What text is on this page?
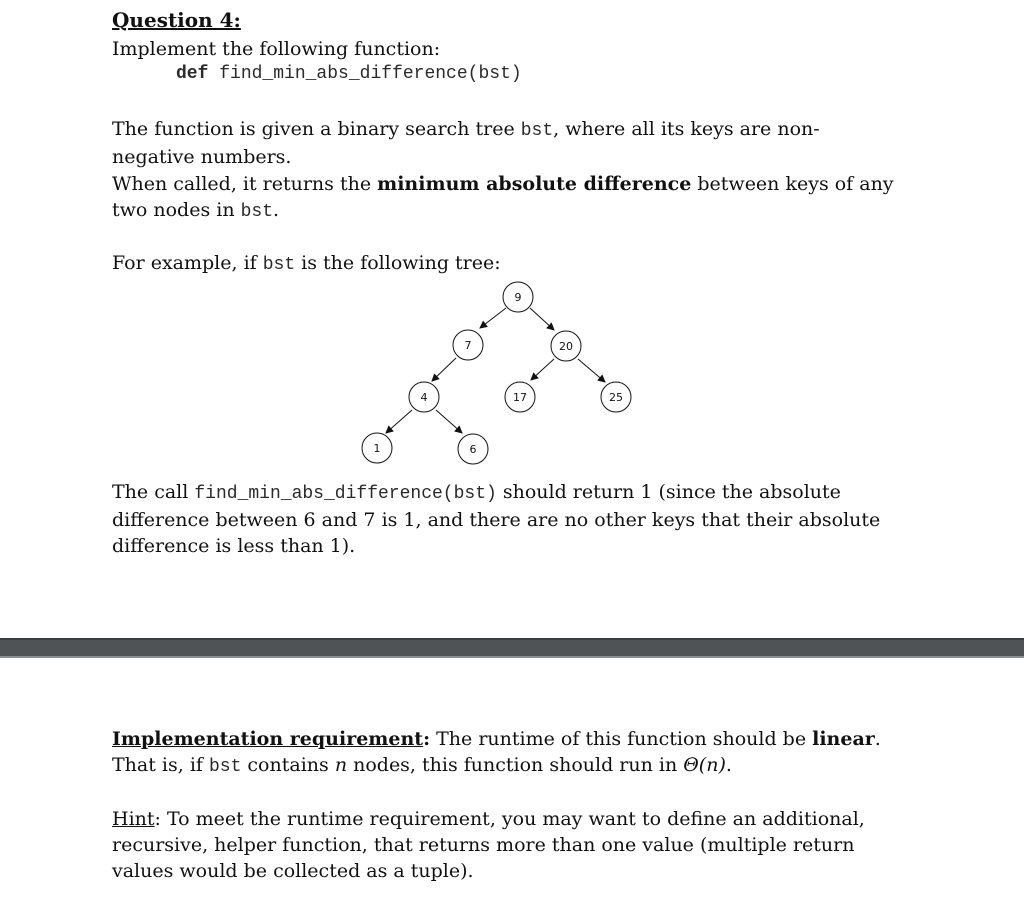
Question 4:
Implement the following function:
def find_min_abs_difference(bst)
The function is given a binary search tree bst, where all its keys are non-negative numbers.
When called, it returns the minimum absolute difference between keys of any two nodes in bst.
For example, if bst is the following tree:
9
7	20
4	17	25
1	6
The call find_min_abs_difference(bst) should return 1 (since the absolute difference between 6 and 7 is 1, and there are no other keys that their absolute difference is less than 1).
Implementation requirement: The runtime of this function should be linear. That is, if bst contains n nodes, this function should run in Θ(n).
Hint: To meet the runtime requirement, you may want to define an additional, recursive, helper function, that returns more than one value (multiple return values would be collected as a tuple).
